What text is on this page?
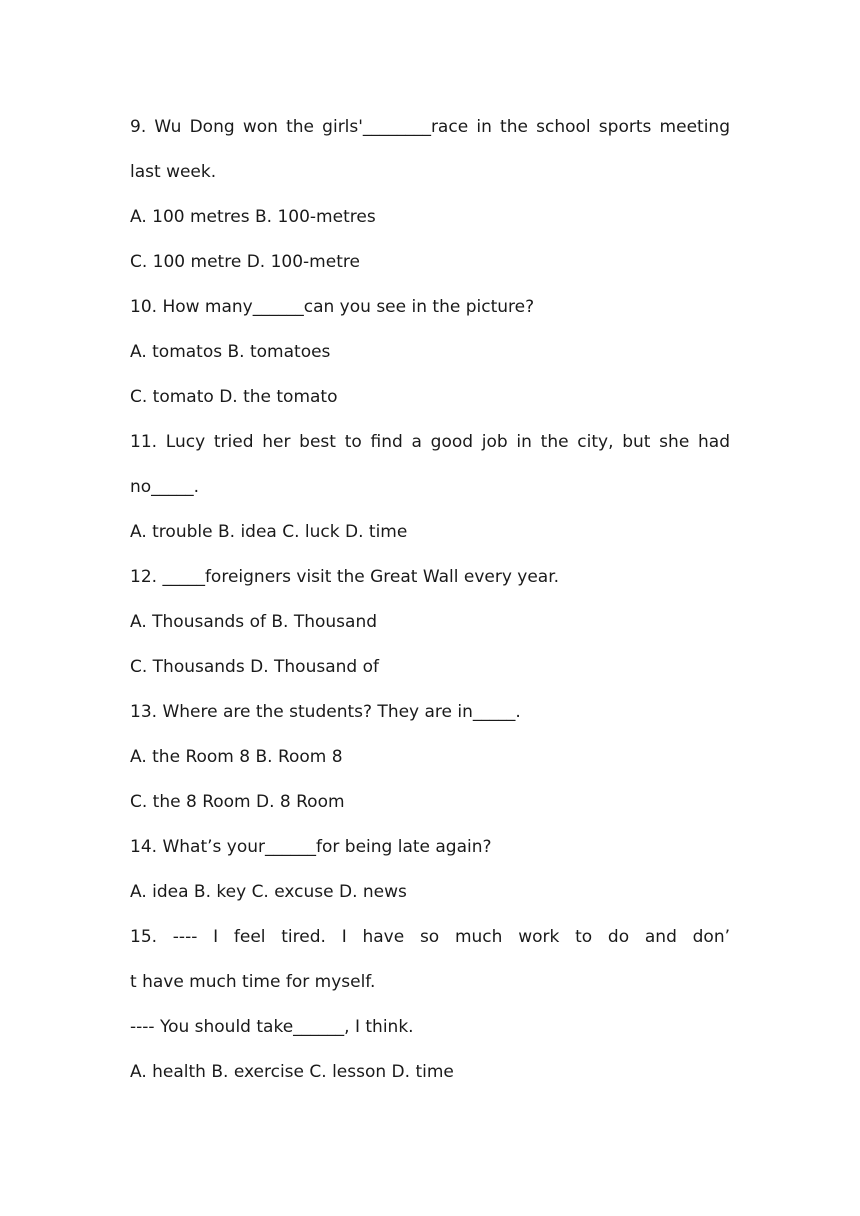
9. Wu Dong won the girls'________race in the school sports meeting
last week.
A. 100 metres B. 100-metres
C. 100 metre D. 100-metre
10. How many______can you see in the picture?
A. tomatos B. tomatoes
C. tomato D. the tomato
11. Lucy tried her best to find a good job in the city, but she had
no_____.
A. trouble B. idea C. luck D. time
12. _____foreigners visit the Great Wall every year.
A. Thousands of B. Thousand
C. Thousands D. Thousand of
13. Where are the students? They are in_____.
A. the Room 8 B. Room 8
C. the 8 Room D. 8 Room
14. What’s your______for being late again?
A. idea B. key C. excuse D. news
15. ---- I feel tired. I have so much work to do and don’
t have much time for myself.
---- You should take______, I think.
A. health B. exercise C. lesson D. time
